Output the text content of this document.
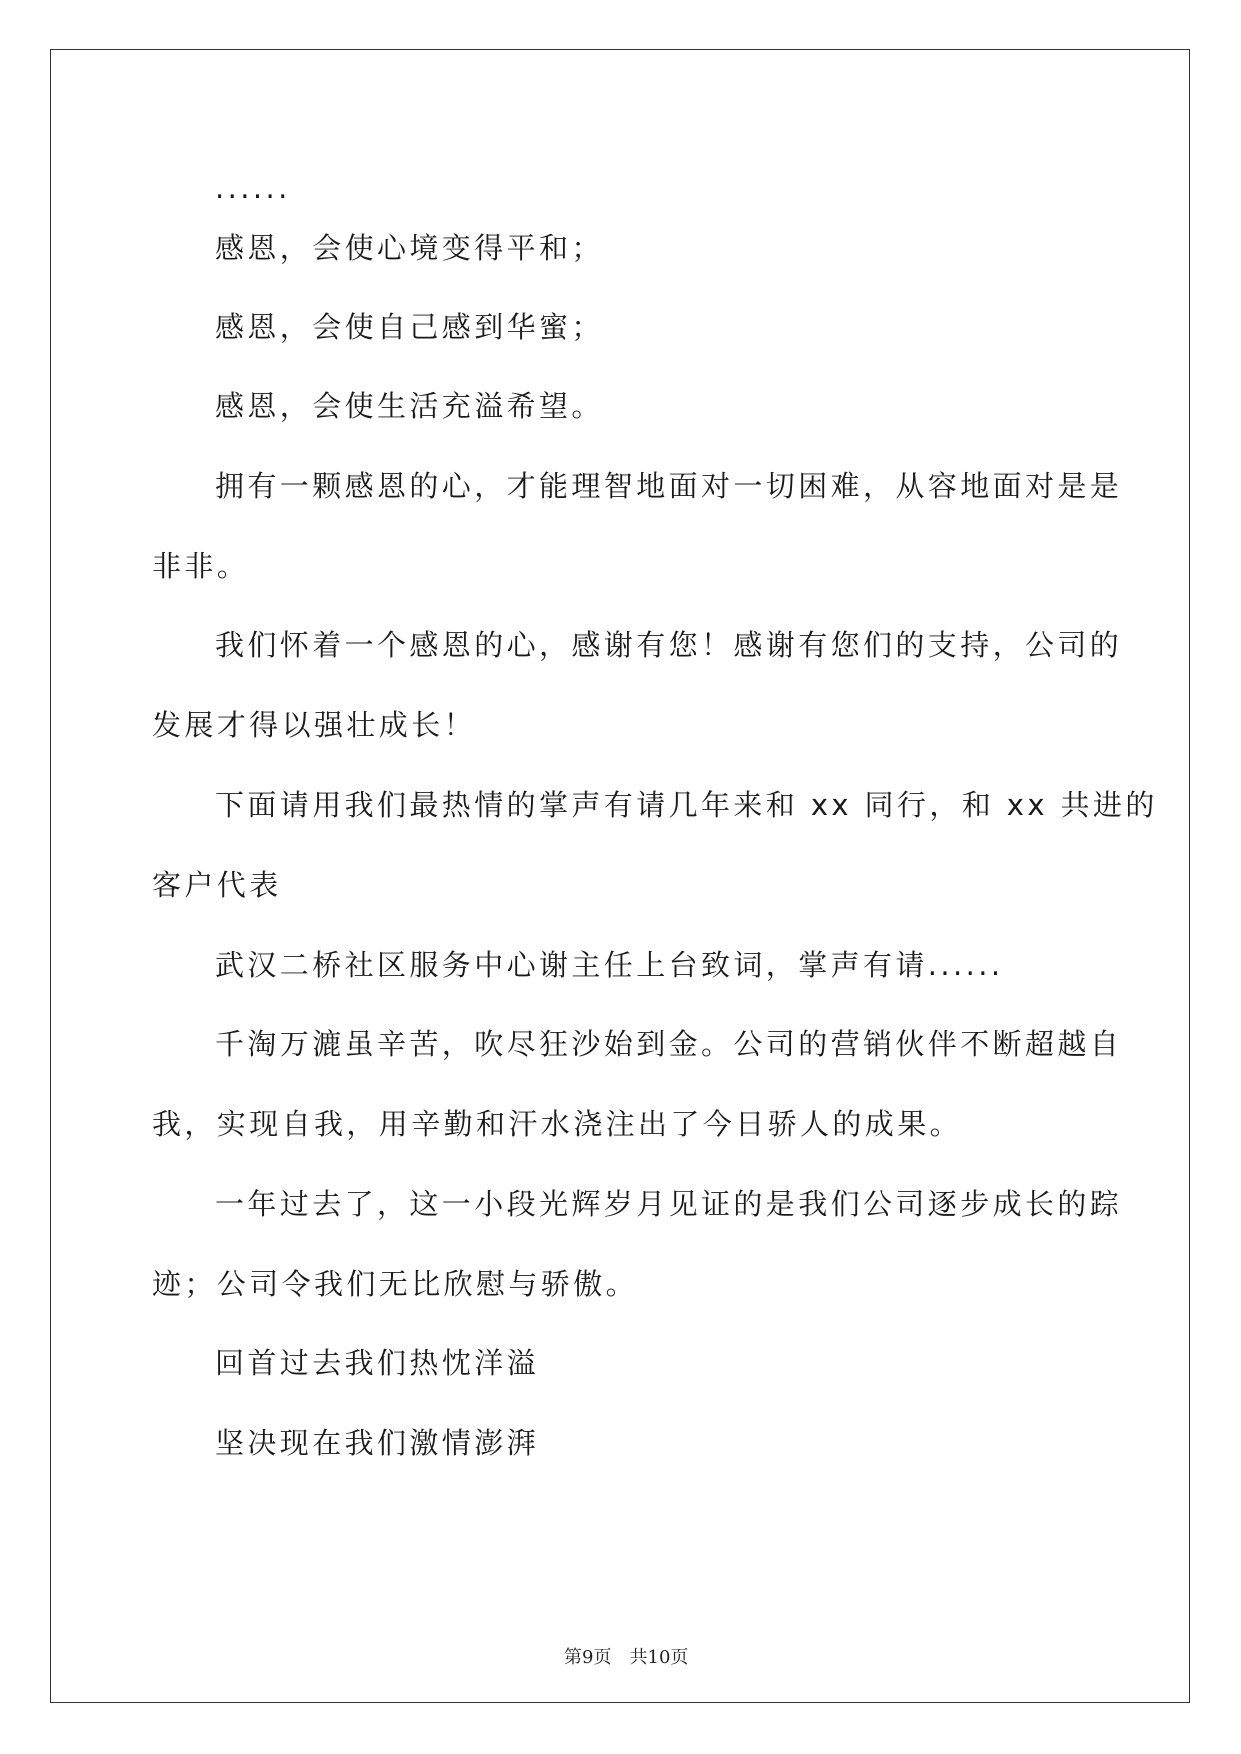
......

感恩，会使心境变得平和；

感恩，会使自己感到华蜜；

感恩，会使生活充溢希望。

拥有一颗感恩的心，才能理智地面对一切困难，从容地面对是是

非非。

我们怀着一个感恩的心，感谢有您！感谢有您们的支持，公司的

发展才得以强壮成长！

下面请用我们最热情的掌声有请几年来和 xx 同行，和 xx 共进的

客户代表

武汉二桥社区服务中心谢主任上台致词，掌声有请......

千淘万漉虽辛苦，吹尽狂沙始到金。公司的营销伙伴不断超越自

我，实现自我，用辛勤和汗水浇注出了今日骄人的成果。

一年过去了，这一小段光辉岁月见证的是我们公司逐步成长的踪

迹；公司令我们无比欣慰与骄傲。

回首过去我们热忱洋溢

坚决现在我们激情澎湃

第9页　共10页
